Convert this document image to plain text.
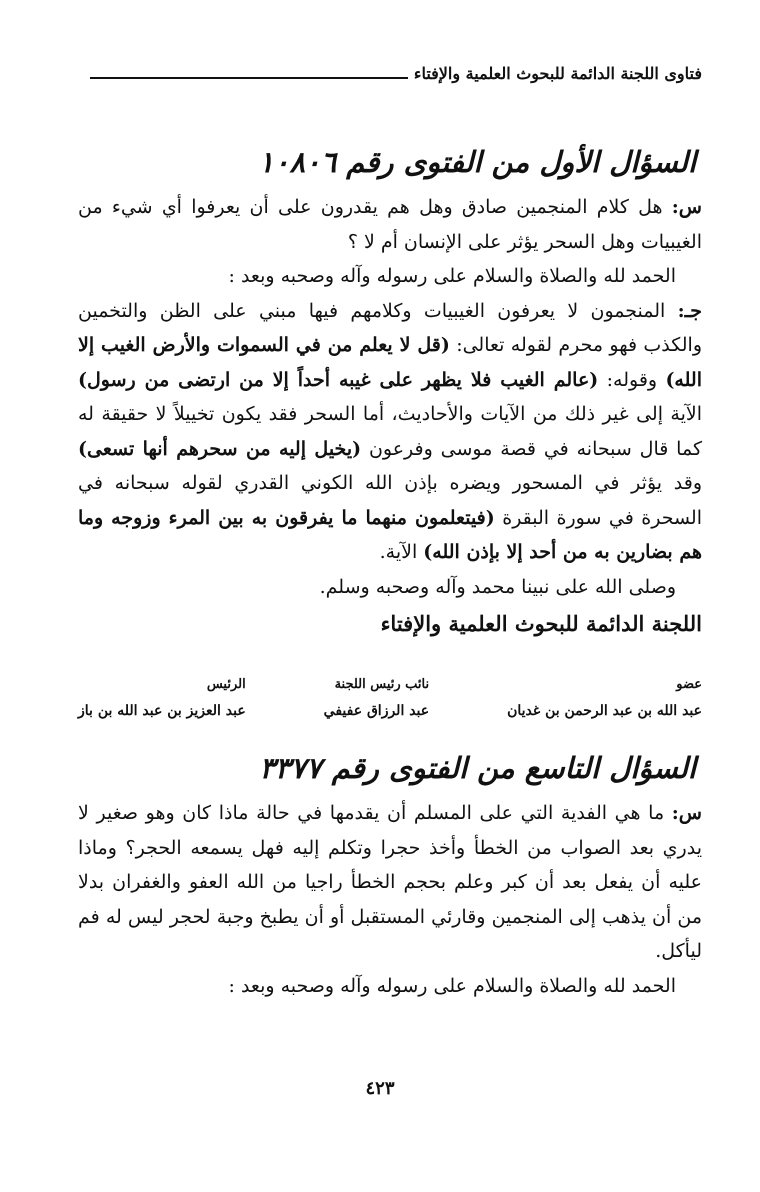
فتاوى اللجنة الدائمة للبحوث العلمية والإفتاء
السؤال الأول من الفتوى رقم ١٠٨٠٦

س: هل كلام المنجمين صادق وهل هم يقدرون على أن يعرفوا أي شيء من الغيبيات وهل السحر يؤثر على الإنسان أم لا ؟

الحمد لله والصلاة والسلام على رسوله وآله وصحبه وبعد :

جـ: المنجمون لا يعرفون الغيبيات وكلامهم فيها مبني على الظن والتخمين والكذب فهو محرم لقوله تعالى: (قل لا يعلم من في السموات والأرض الغيب إلا الله) وقوله: (عالم الغيب فلا يظهر على غيبه أحداً إلا من ارتضى من رسول) الآية إلى غير ذلك من الآيات والأحاديث، أما السحر فقد يكون تخييلاً لا حقيقة له كما قال سبحانه في قصة موسى وفرعون (يخيل إليه من سحرهم أنها تسعى) وقد يؤثر في المسحور ويضره بإذن الله الكوني القدري لقوله سبحانه في السحرة في سورة البقرة (فيتعلمون منهما ما يفرقون به بين المرء وزوجه وما هم بضارين به من أحد إلا بإذن الله) الآية.

وصلى الله على نبينا محمد وآله وصحبه وسلم.

اللجنة الدائمة للبحوث العلمية والإفتاء

عضو
عبد الله بن عبد الرحمن بن غديان
نائب رئيس اللجنة
عبد الرزاق عفيفي
الرئيس
عبد العزيز بن عبد الله بن باز
السؤال التاسع من الفتوى رقم ٣٣٧٧

س: ما هي الفدية التي على المسلم أن يقدمها في حالة ماذا كان وهو صغير لا يدري بعد الصواب من الخطأ وأخذ حجرا وتكلم إليه فهل يسمعه الحجر؟ وماذا عليه أن يفعل بعد أن كبر وعلم بحجم الخطأ راجيا من الله العفو والغفران بدلا من أن يذهب إلى المنجمين وقارئي المستقبل أو أن يطبخ وجبة لحجر ليس له فم ليأكل.

الحمد لله والصلاة والسلام على رسوله وآله وصحبه وبعد :

٤٢٣
